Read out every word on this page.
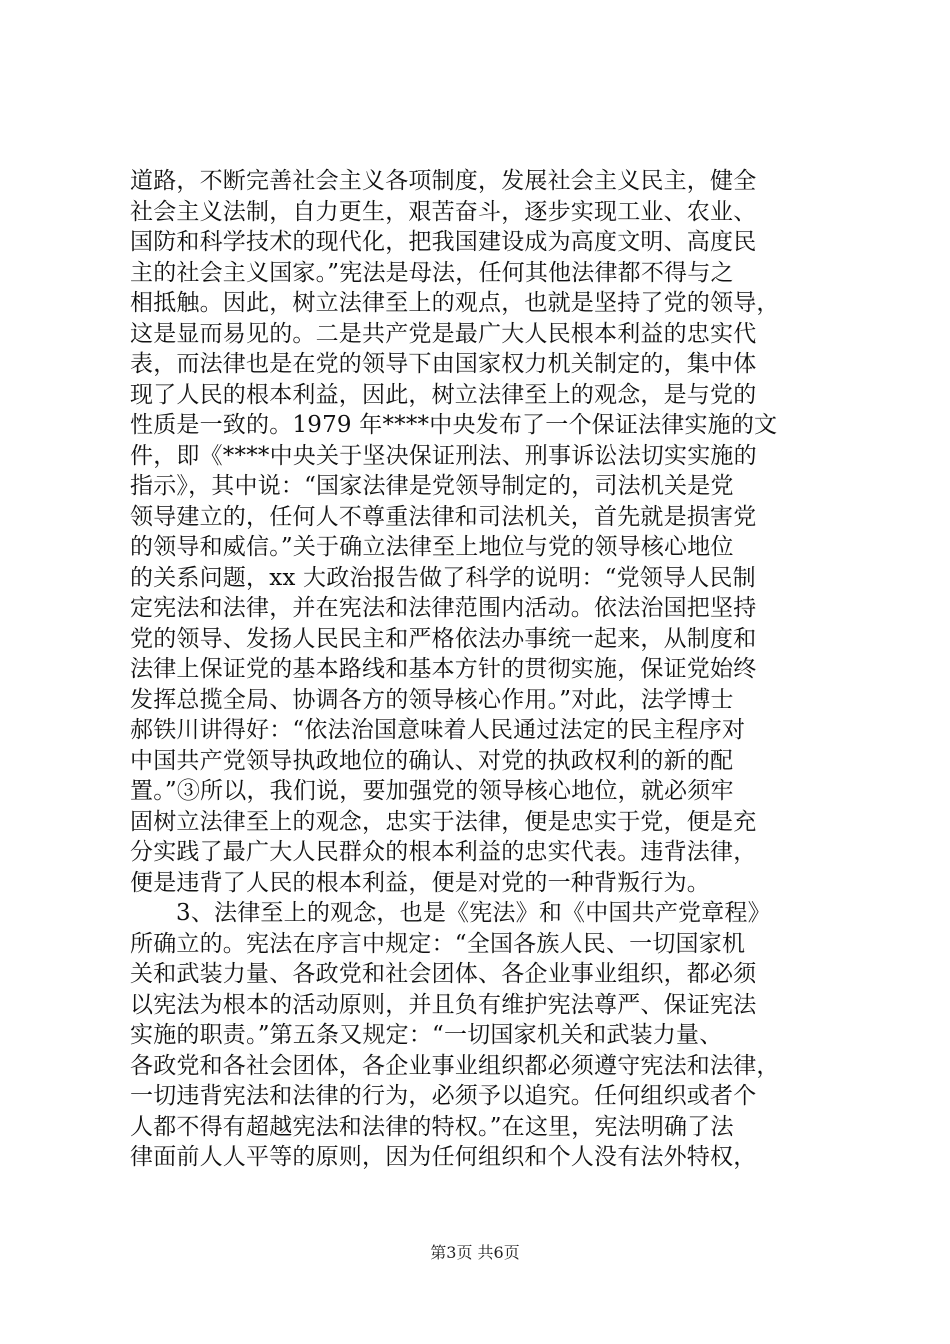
道路，不断完善社会主义各项制度，发展社会主义民主，健全
社会主义法制，自力更生，艰苦奋斗，逐步实现工业、农业、
国防和科学技术的现代化，把我国建设成为高度文明、高度民
主的社会主义国家。”宪法是母法，任何其他法律都不得与之
相抵触。因此，树立法律至上的观点，也就是坚持了党的领导，
这是显而易见的。二是共产党是最广大人民根本利益的忠实代
表，而法律也是在党的领导下由国家权力机关制定的，集中体
现了人民的根本利益，因此，树立法律至上的观念，是与党的
性质是一致的。1979 年****中央发布了一个保证法律实施的文
件，即《****中央关于坚决保证刑法、刑事诉讼法切实实施的
指示》，其中说：“国家法律是党领导制定的，司法机关是党
领导建立的，任何人不尊重法律和司法机关，首先就是损害党
的领导和威信。”关于确立法律至上地位与党的领导核心地位
的关系问题，xx 大政治报告做了科学的说明：“党领导人民制
定宪法和法律，并在宪法和法律范围内活动。依法治国把坚持
党的领导、发扬人民民主和严格依法办事统一起来，从制度和
法律上保证党的基本路线和基本方针的贯彻实施，保证党始终
发挥总揽全局、协调各方的领导核心作用。”对此，法学博士
郝铁川讲得好：“依法治国意味着人民通过法定的民主程序对
中国共产党领导执政地位的确认、对党的执政权利的新的配
置。”③所以，我们说，要加强党的领导核心地位，就必须牢
固树立法律至上的观念，忠实于法律，便是忠实于党，便是充
分实践了最广大人民群众的根本利益的忠实代表。违背法律，
便是违背了人民的根本利益，便是对党的一种背叛行为。
3、法律至上的观念，也是《宪法》和《中国共产党章程》
所确立的。宪法在序言中规定：“全国各族人民、一切国家机
关和武装力量、各政党和社会团体、各企业事业组织，都必须
以宪法为根本的活动原则，并且负有维护宪法尊严、保证宪法
实施的职责。”第五条又规定：“一切国家机关和武装力量、
各政党和各社会团体，各企业事业组织都必须遵守宪法和法律，
一切违背宪法和法律的行为，必须予以追究。任何组织或者个
人都不得有超越宪法和法律的特权。”在这里，宪法明确了法
律面前人人平等的原则，因为任何组织和个人没有法外特权，
第3页 共6页
